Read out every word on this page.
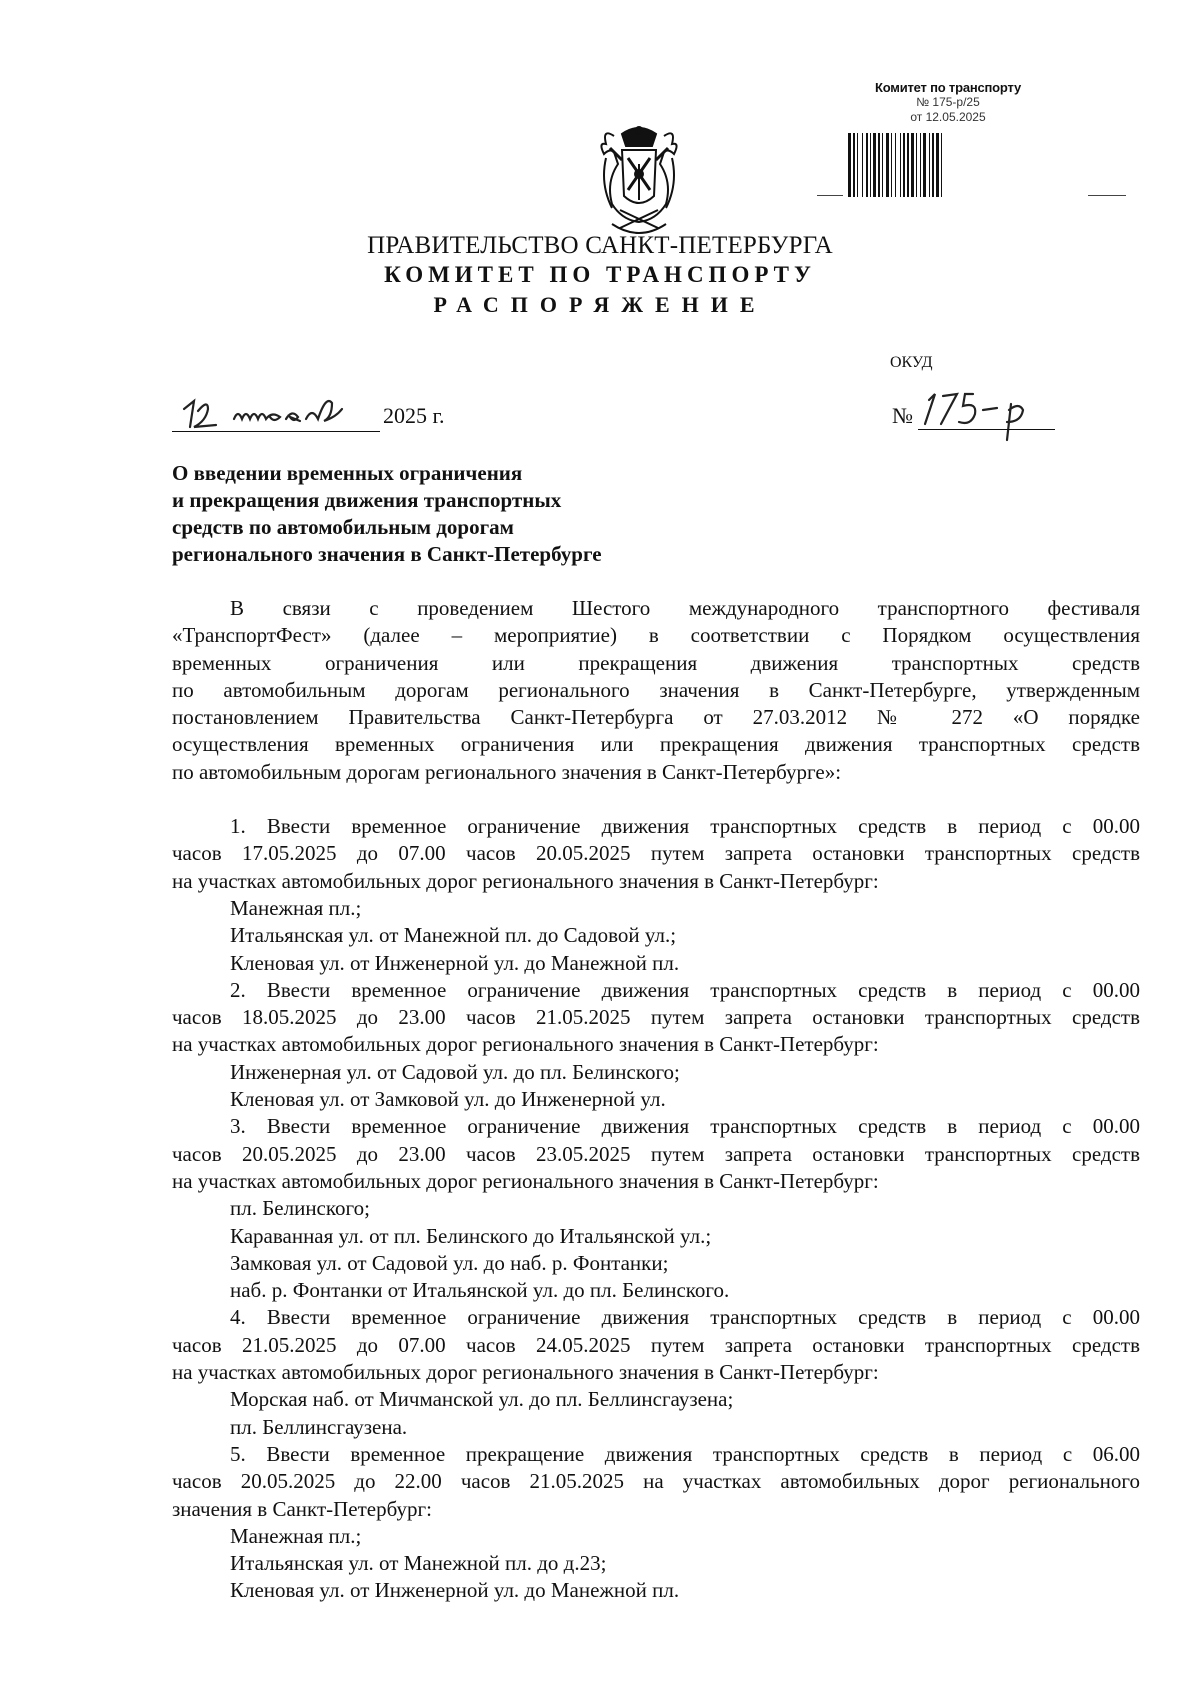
Комитет по транспорту
№ 175-р/25
от 12.05.2025
ПРАВИТЕЛЬСТВО САНКТ-ПЕТЕРБУРГА
КОМИТЕТ ПО ТРАНСПОРТУ
РАСПОРЯЖЕНИЕ
ОКУД
2025 г.	№
О введении временных ограничения
и прекращения движения транспортных
средств по автомобильным дорогам
регионального значения в Санкт-Петербурге
В связи с проведением Шестого международного транспортного фестиваля
«ТранспортФест» (далее – мероприятие) в соответствии с Порядком осуществления
временных ограничения или прекращения движения транспортных средств
по автомобильным дорогам регионального значения в Санкт-Петербурге, утвержденным
постановлением Правительства Санкт-Петербурга от 27.03.2012 № 272 «О порядке
осуществления временных ограничения или прекращения движения транспортных средств
по автомобильным дорогам регионального значения в Санкт-Петербурге»:
1. Ввести временное ограничение движения транспортных средств в период с 00.00
часов 17.05.2025 до 07.00 часов 20.05.2025 путем запрета остановки транспортных средств
на участках автомобильных дорог регионального значения в Санкт-Петербург:
Манежная пл.;
Итальянская ул. от Манежной пл. до Садовой ул.;
Кленовая ул. от Инженерной ул. до Манежной пл.
2. Ввести временное ограничение движения транспортных средств в период с 00.00
часов 18.05.2025 до 23.00 часов 21.05.2025 путем запрета остановки транспортных средств
на участках автомобильных дорог регионального значения в Санкт-Петербург:
Инженерная ул. от Садовой ул. до пл. Белинского;
Кленовая ул. от Замковой ул. до Инженерной ул.
3. Ввести временное ограничение движения транспортных средств в период с 00.00
часов 20.05.2025 до 23.00 часов 23.05.2025 путем запрета остановки транспортных средств
на участках автомобильных дорог регионального значения в Санкт-Петербург:
пл. Белинского;
Караванная ул. от пл. Белинского до Итальянской ул.;
Замковая ул. от Садовой ул. до наб. р. Фонтанки;
наб. р. Фонтанки от Итальянской ул. до пл. Белинского.
4. Ввести временное ограничение движения транспортных средств в период с 00.00
часов 21.05.2025 до 07.00 часов 24.05.2025 путем запрета остановки транспортных средств
на участках автомобильных дорог регионального значения в Санкт-Петербург:
Морская наб. от Мичманской ул. до пл. Беллинсгаузена;
пл. Беллинсгаузена.
5. Ввести временное прекращение движения транспортных средств в период с 06.00
часов 20.05.2025 до 22.00 часов 21.05.2025 на участках автомобильных дорог регионального
значения в Санкт-Петербург:
Манежная пл.;
Итальянская ул. от Манежной пл. до д.23;
Кленовая ул. от Инженерной ул. до Манежной пл.
